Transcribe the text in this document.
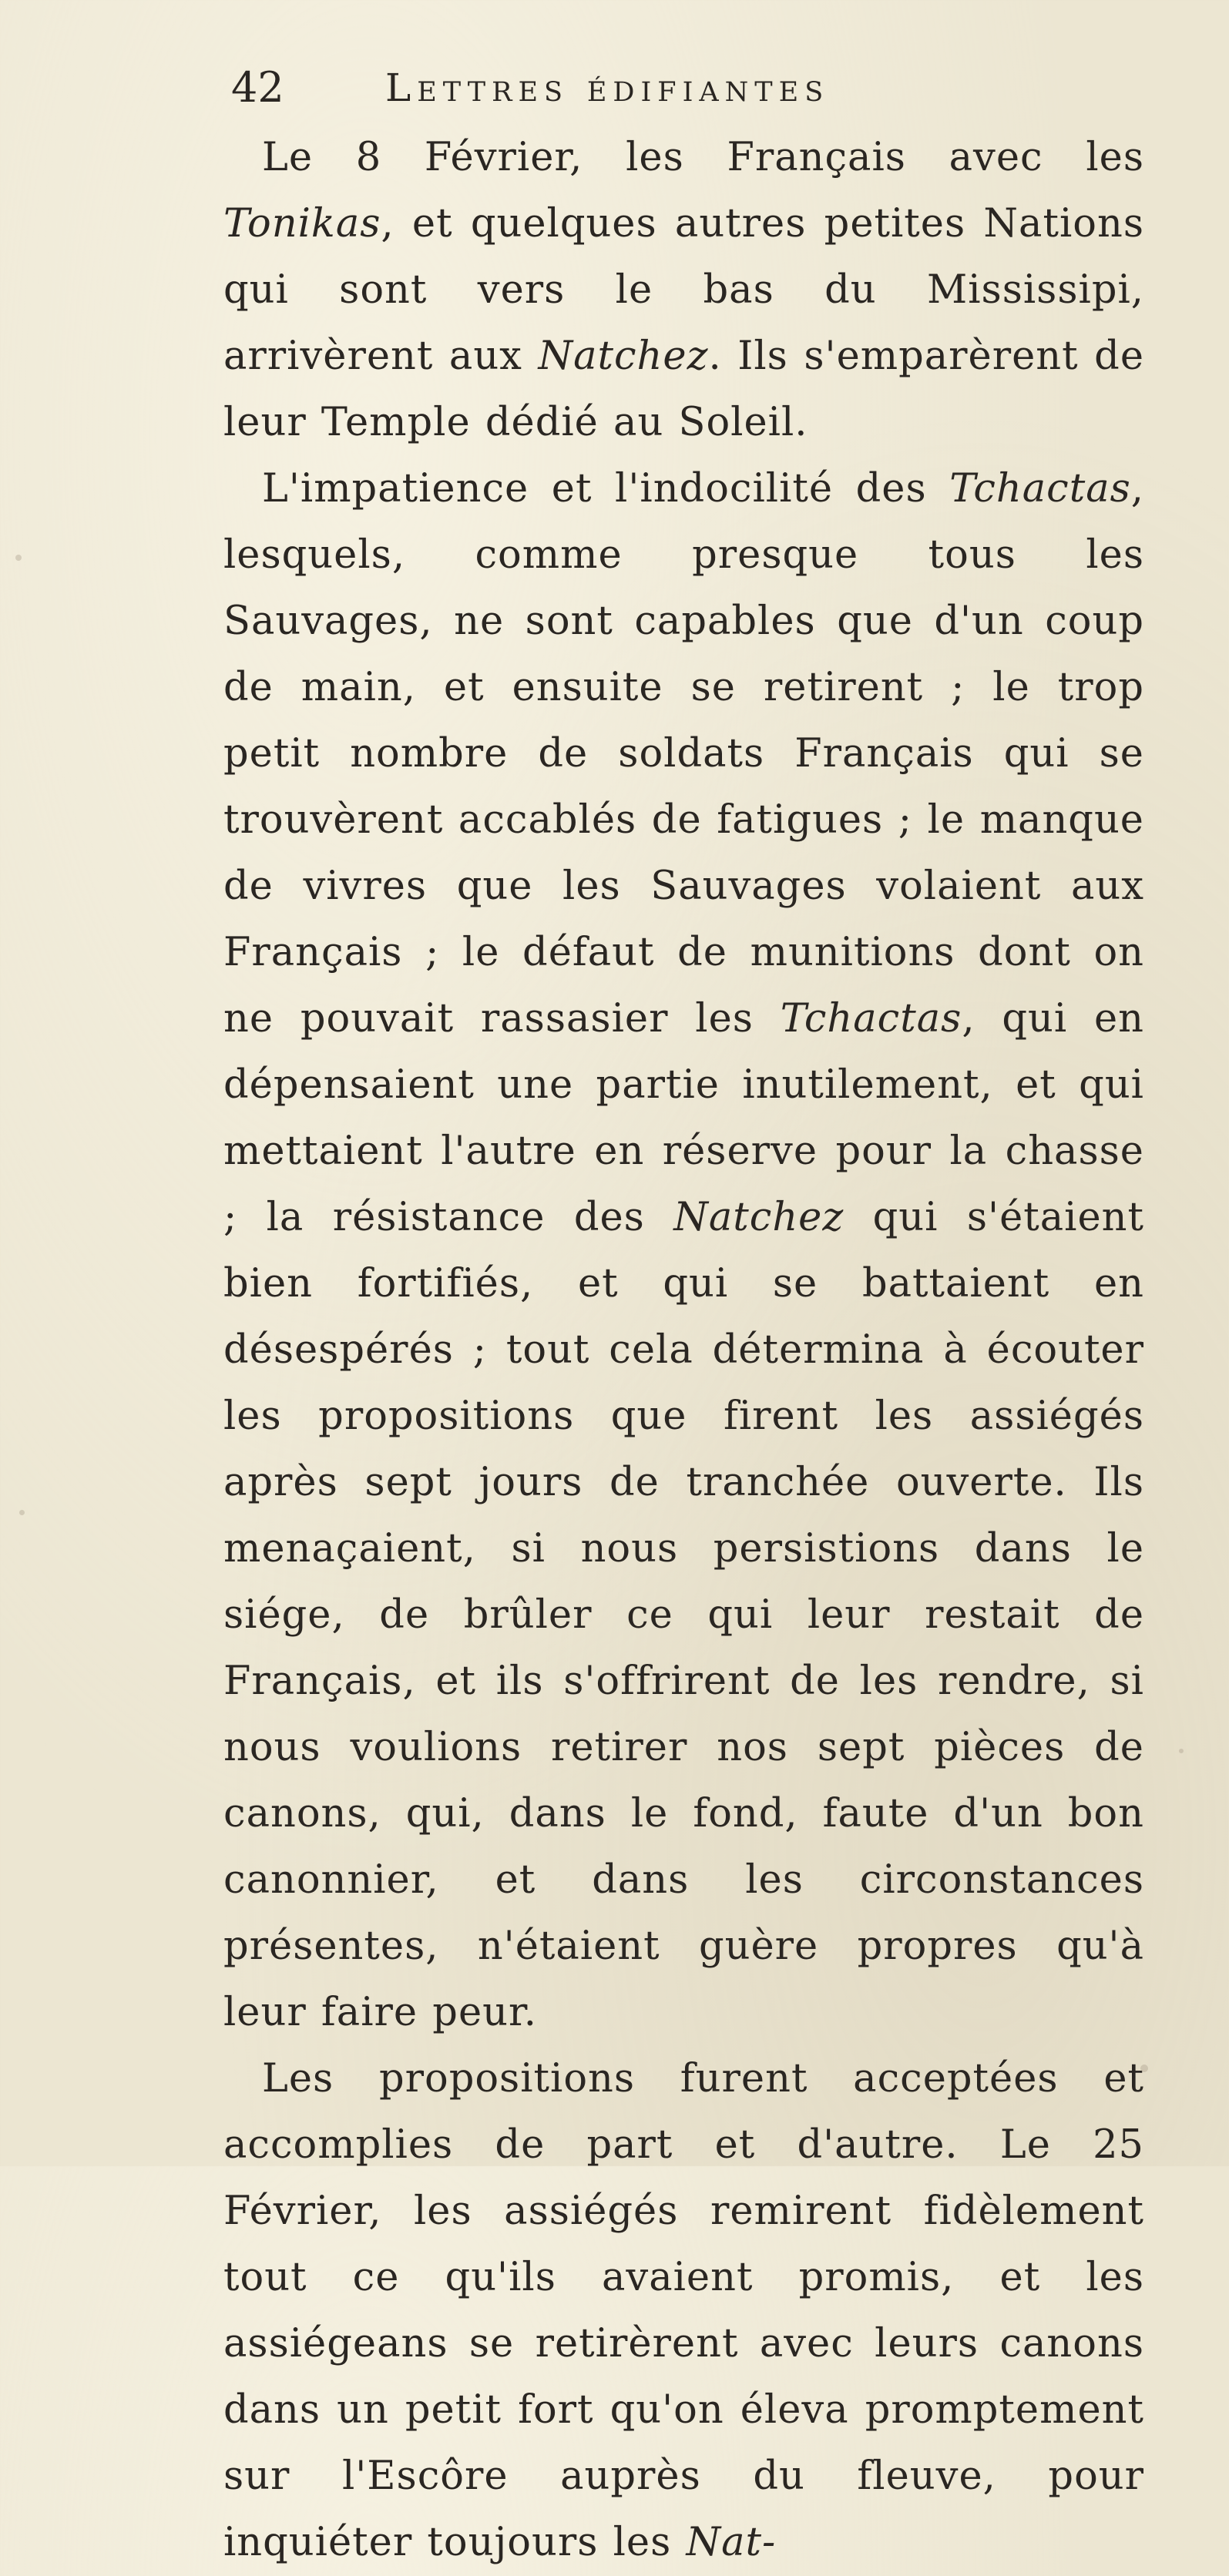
42	Lettres édifiantes

Le 8 Février, les Français avec les Tonikas, et quelques autres petites Nations qui sont vers le bas du Mississipi, arrivèrent aux Natchez. Ils s'emparèrent de leur Temple dédié au Soleil.

L'impatience et l'indocilité des Tchactas, lesquels, comme presque tous les Sauvages, ne sont capables que d'un coup de main, et ensuite se retirent ; le trop petit nombre de soldats Français qui se trouvèrent accablés de fatigues ; le manque de vivres que les Sauvages volaient aux Français ; le défaut de munitions dont on ne pouvait rassasier les Tchactas, qui en dépensaient une partie inutilement, et qui mettaient l'autre en réserve pour la chasse ; la résistance des Natchez qui s'étaient bien fortifiés, et qui se battaient en désespérés ; tout cela détermina à écouter les propositions que firent les assiégés après sept jours de tranchée ouverte. Ils menaçaient, si nous persistions dans le siége, de brûler ce qui leur restait de Français, et ils s'offrirent de les rendre, si nous voulions retirer nos sept pièces de canons, qui, dans le fond, faute d'un bon canonnier, et dans les circonstances présentes, n'étaient guère propres qu'à leur faire peur.

Les propositions furent acceptées et accomplies de part et d'autre. Le 25 Février, les assiégés remirent fidèlement tout ce qu'ils avaient promis, et les assiégeans se retirèrent avec leurs canons dans un petit fort qu'on éleva promptement sur l'Escôre auprès du fleuve, pour inquiéter toujours les Nat-
